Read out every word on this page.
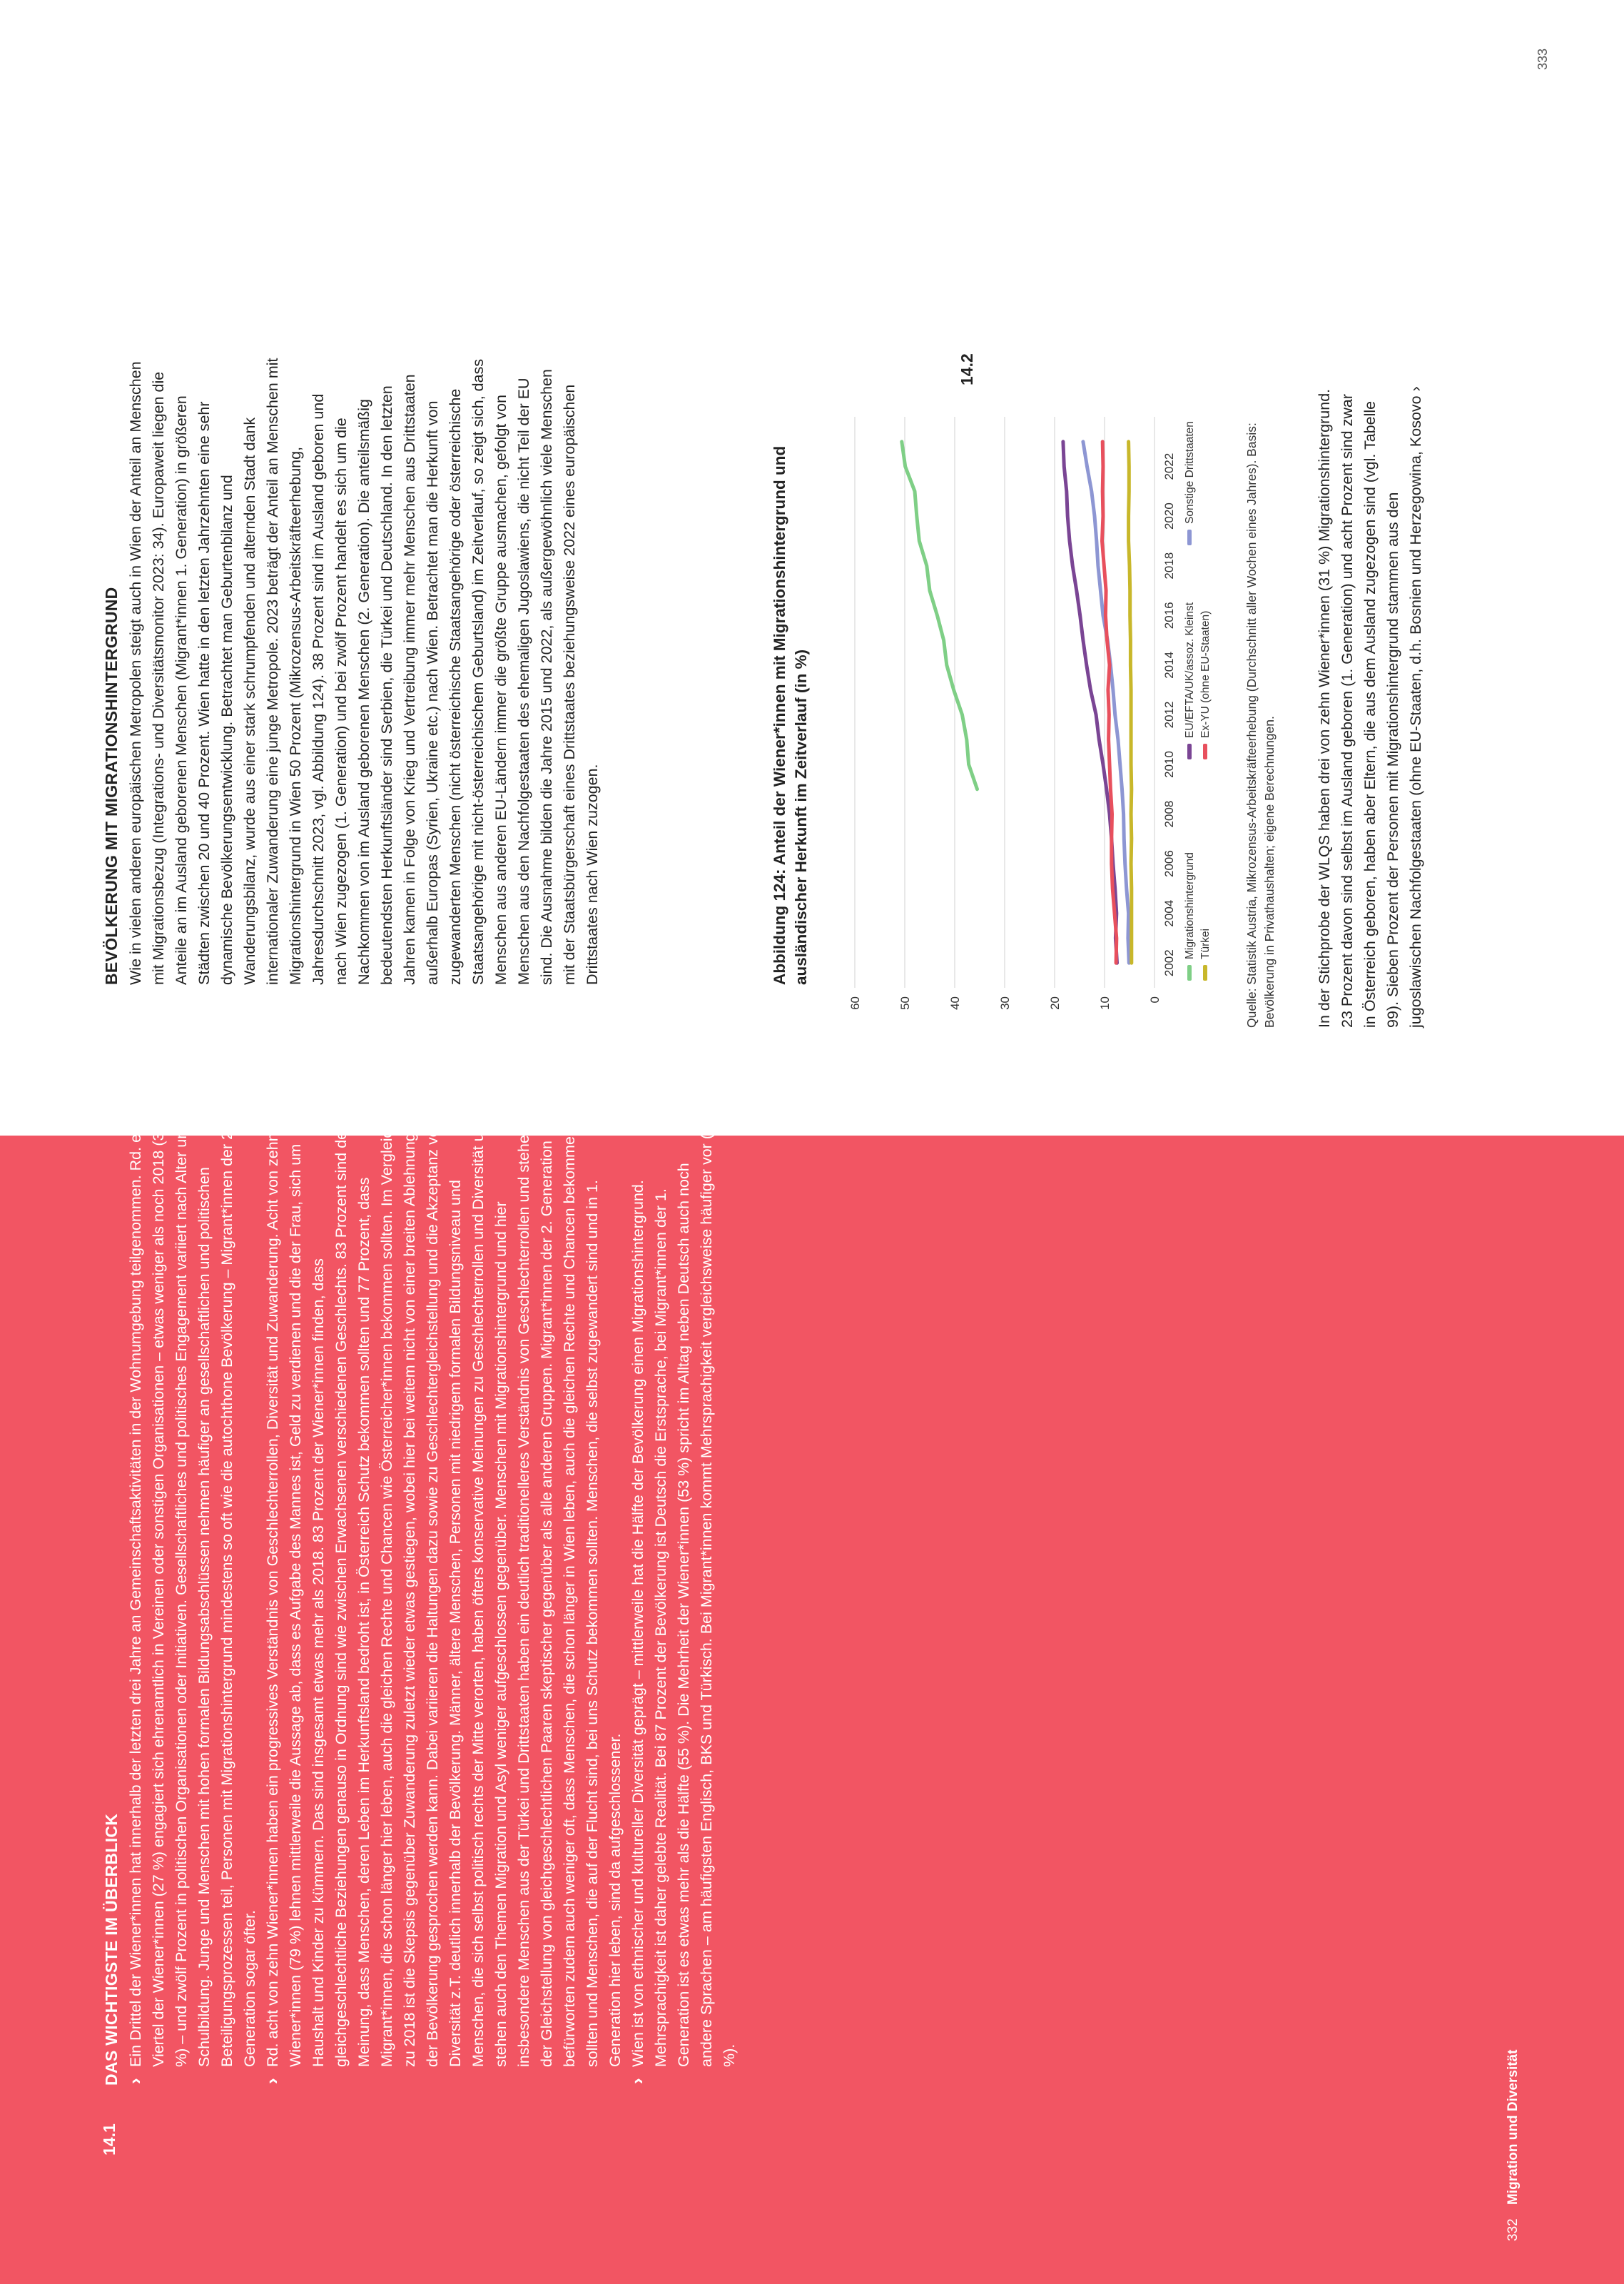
332 Migration und Diversität
14.1
DAS WICHTIGSTE IM ÜBERBLICK › Ein Drittel der Wiener*innen hat innerhalb der letzten drei Jahre an Gemeinschaftsaktivitäten in der Wohnumgebung teilgenommen. Rd. ein Viertel der Wiener*innen (27 %) engagiert sich ehrenamtlich in Vereinen oder sonstigen Organisationen – etwas weniger als noch 2018 (31 %) – und zwölf Prozent in politischen Organisationen oder Initiativen. Gesellschaftliches und politisches Engagement variiert nach Alter und Schulbildung. Junge und Menschen mit hohen formalen Bildungsabschlüssen nehmen häufiger an gesellschaftlichen und politischen Beteiligungsprozessen teil, Personen mit Migrationshintergrund mindestens so oft wie die autochthone Bevölkerung – Migrant*innen der 2. Generation sogar öfter. › Rd. acht von zehn Wiener*innen haben ein progressives Verständnis von Geschlechterrollen, Diversität und Zuwanderung. Acht von zehn Wiener*innen (79 %) lehnen mittlerweile die Aussage ab, dass es Aufgabe des Mannes ist, Geld zu verdienen und die der Frau, sich um Haushalt und Kinder zu kümmern. Das sind insgesamt etwas mehr als 2018. 83 Prozent der Wiener*innen finden, dass gleichgeschlechtliche Beziehungen genauso in Ordnung sind wie zwischen Erwachsenen verschiedenen Geschlechts. 83 Prozent sind der Meinung, dass Menschen, deren Leben im Herkunftsland bedroht ist, in Österreich Schutz bekommen sollten und 77 Prozent, dass Migrant*innen, die schon länger hier leben, auch die gleichen Rechte und Chancen wie Österreicher*innen bekommen sollten. Im Vergleich zu 2018 ist die Skepsis gegenüber Zuwanderung zuletzt wieder etwas gestiegen, wobei hier bei weitem nicht von einer breiten Ablehnung in der Bevölkerung gesprochen werden kann. Dabei variieren die Haltungen dazu sowie zu Geschlechtergleichstellung und die Akzeptanz von Diversität z.T. deutlich innerhalb der Bevölkerung. Männer, ältere Menschen, Personen mit niedrigem formalen Bildungsniveau und Menschen, die sich selbst politisch rechts der Mitte verorten, haben öfters konservative Meinungen zu Geschlechterrollen und Diversität und stehen auch den Themen Migration und Asyl weniger aufgeschlossen gegenüber. Menschen mit Migrationshintergrund und hier insbesondere Menschen aus der Türkei und Drittstaaten haben ein deutlich traditionelleres Verständnis von Geschlechterrollen und stehen der Gleichstellung von gleichgeschlechtlichen Paaren skeptischer gegenüber als alle anderen Gruppen. Migrant*innen der 2. Generation befürworten zudem auch weniger oft, dass Menschen, die schon länger in Wien leben, auch die gleichen Rechte und Chancen bekommen sollten und Menschen, die auf der Flucht sind, bei uns Schutz bekommen sollten. Menschen, die selbst zugewandert sind und in 1. Generation hier leben, sind da aufgeschlossener. › Wien ist von ethnischer und kultureller Diversität geprägt – mittlerweile hat die Hälfte der Bevölkerung einen Migrationshintergrund. Mehrsprachigkeit ist daher gelebte Realität. Bei 87 Prozent der Bevölkerung ist Deutsch die Erstsprache, bei Migrant*innen der 1. Generation ist es etwas mehr als die Hälfte (55 %). Die Mehrheit der Wiener*innen (53 %) spricht im Alltag neben Deutsch auch noch andere Sprachen – am häufigsten Englisch, BKS und Türkisch. Bei Migrant*innen kommt Mehrsprachigkeit vergleichsweise häufiger vor (86 %).
333
14.2
BEVÖLKERUNG MIT MIGRATIONSHINTERGRUND Wie in vielen anderen europäischen Metropolen steigt auch in Wien der Anteil an Menschen mit Migrationsbezug (Integrations- und Diversitätsmonitor 2023: 34). Europaweit liegen die Anteile an im Ausland geborenen Menschen (Migrant*innen 1. Generation) in größeren Städten zwischen 20 und 40 Prozent. Wien hatte in den letzten Jahrzehnten eine sehr dynamische Bevölkerungsentwicklung. Betrachtet man Geburtenbilanz und Wanderungsbilanz, wurde aus einer stark schrumpfenden und alternden Stadt dank internationaler Zuwanderung eine junge Metropole. 2023 beträgt der Anteil an Menschen mit Migrationshintergrund in Wien 50 Prozent (Mikrozensus-Arbeitskräfteerhebung, Jahresdurchschnitt 2023, vgl. Abbildung 124). 38 Prozent sind im Ausland geboren und nach Wien zugezogen (1. Generation) und bei zwölf Prozent handelt es sich um die Nachkommen von im Ausland geborenen Menschen (2. Generation). Die anteilsmäßig bedeutendsten Herkunftsländer sind Serbien, die Türkei und Deutschland. In den letzten Jahren kamen in Folge von Krieg und Vertreibung immer mehr Menschen aus Drittstaaten außerhalb Europas (Syrien, Ukraine etc.) nach Wien. Betrachtet man die Herkunft von zugewanderten Menschen (nicht österreichische Staatsangehörige oder österreichische Staatsangehörige mit nicht-österreichischem Geburtsland) im Zeitverlauf, so zeigt sich, dass Menschen aus anderen EU-Ländern immer die größte Gruppe ausmachen, gefolgt von Menschen aus den Nachfolgestaaten des ehemaligen Jugoslawiens, die nicht Teil der EU sind. Die Ausnahme bilden die Jahre 2015 und 2022, als außergewöhnlich viele Menschen mit der Staatsbürgerschaft eines Drittstaates beziehungsweise 2022 eines europäischen Drittstaates nach Wien zuzogen.	Abbildung 124: Anteil der Wiener*innen mit Migrationshintergrund und ausländischer Herkunft im Zeitverlauf (in %)
0
10
20
30
40
50
60
2002
2004
2006
2008
2010
2012
2014
2016
2018
2020
2022
Migrationshintergrund
EU/EFTA/UK/assoz. Kleinst
Sonstige Drittstaaten
Türkei
Ex-YU (ohne EU-Staaten)	Quelle: Statistik Austria, Mikrozensus-Arbeitskräfteerhebung (Durchschnitt aller Wochen eines Jahres). Basis: Bevölkerung in Privathaushalten; eigene Berechnungen.	In der Stichprobe der WLQS haben drei von zehn Wiener*innen (31 %) Migrationshintergrund. 23 Prozent davon sind selbst im Ausland geboren (1. Generation) und acht Prozent sind zwar in Österreich geboren, haben aber Eltern, die aus dem Ausland zugezogen sind (vgl. Tabelle 99). Sieben Prozent der Personen mit Migrationshintergrund stammen aus den jugoslawischen Nachfolgestaaten (ohne EU-Staaten, d.h. Bosnien und Herzegowina, Kosovo ›
